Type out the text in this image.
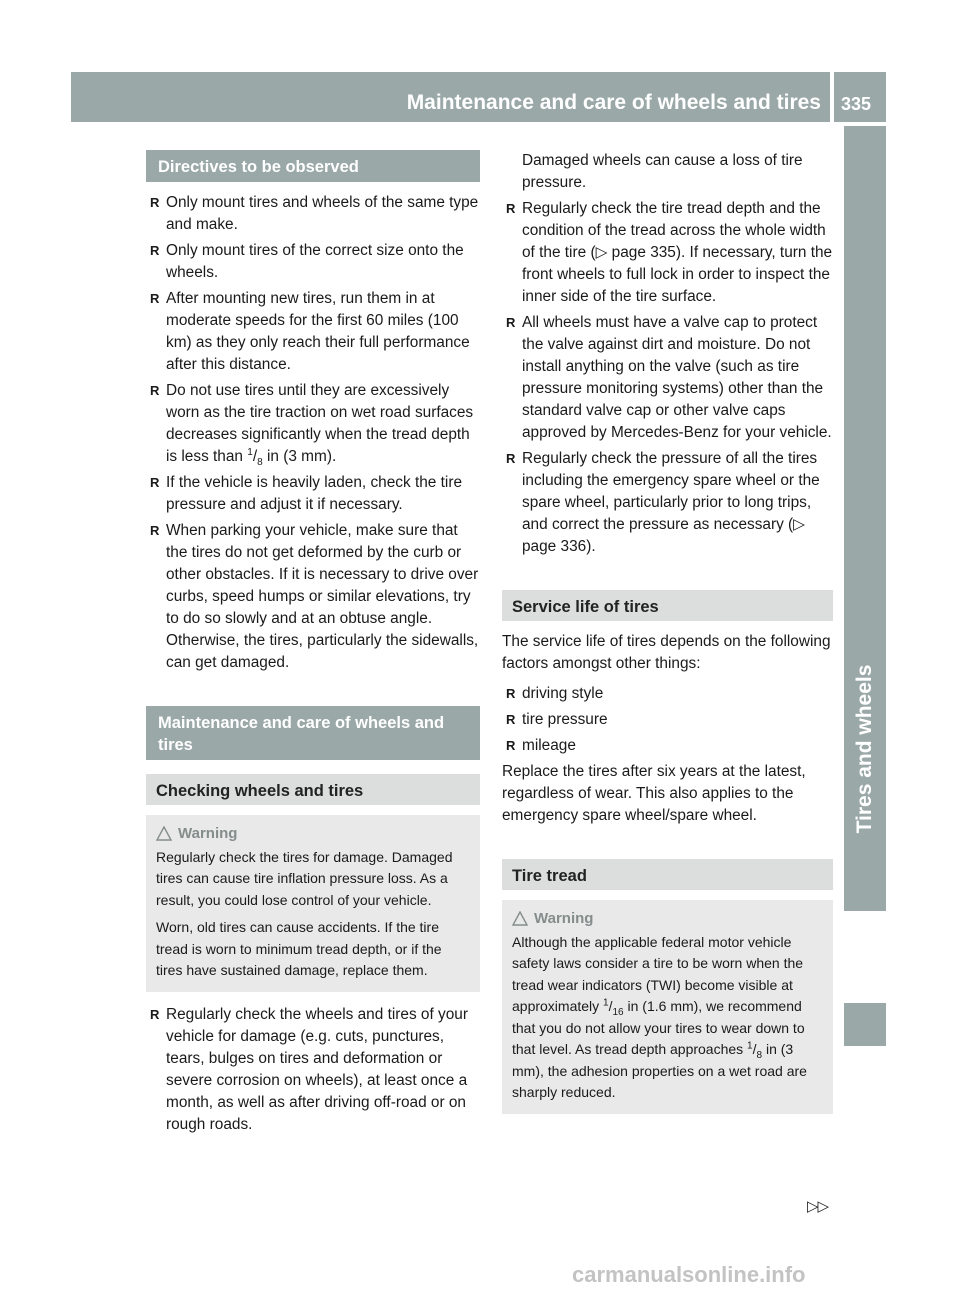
Maintenance and care of wheels and tires 335
Tires and wheels
Directives to be observed
R Only mount tires and wheels of the same type and make.
R Only mount tires of the correct size onto the wheels.
R After mounting new tires, run them in at moderate speeds for the first 60 miles (100 km) as they only reach their full performance after this distance.
R Do not use tires until they are excessively worn as the tire traction on wet road surfaces decreases significantly when the tread depth is less than $^1/_8$ in (3 mm).
R If the vehicle is heavily laden, check the tire pressure and adjust it if necessary.
R When parking your vehicle, make sure that the tires do not get deformed by the curb or other obstacles. If it is necessary to drive over curbs, speed humps or similar elevations, try to do so slowly and at an obtuse angle. Otherwise, the tires, particularly the sidewalls, can get damaged.
Maintenance and care of wheels and tires
Checking wheels and tires
Warning

Regularly check the tires for damage. Damaged tires can cause tire inflation pressure loss. As a result, you could lose control of your vehicle.

Worn, old tires can cause accidents. If the tire tread is worn to minimum tread depth, or if the tires have sustained damage, replace them.

R Regularly check the wheels and tires of your vehicle for damage (e.g. cuts, punctures, tears, bulges on tires and deformation or severe corrosion on wheels), at least once a month, as well as after driving off-road or on rough roads.

Damaged wheels can cause a loss of tire pressure.

R Regularly check the tire tread depth and the condition of the tread across the whole width of the tire (▷ page 335). If necessary, turn the front wheels to full lock in order to inspect the inner side of the tire surface.
R All wheels must have a valve cap to protect the valve against dirt and moisture. Do not install anything on the valve (such as tire pressure monitoring systems) other than the standard valve cap or other valve caps approved by Mercedes-Benz for your vehicle.
R Regularly check the pressure of all the tires including the emergency spare wheel or the spare wheel, particularly prior to long trips, and correct the pressure as necessary (▷ page 336).
Service life of tires

The service life of tires depends on the following factors amongst other things:

R driving style
R tire pressure
R mileage

Replace the tires after six years at the latest, regardless of wear. This also applies to the emergency spare wheel/spare wheel.

Tire tread
Warning

Although the applicable federal motor vehicle safety laws consider a tire to be worn when the tread wear indicators (TWI) become visible at approximately $^1/_{16}$ in (1.6 mm), we recommend that you do not allow your tires to wear down to that level. As tread depth approaches $^1/_8$ in (3 mm), the adhesion properties on a wet road are sharply reduced.

▷▷
carmanualsonline.info
